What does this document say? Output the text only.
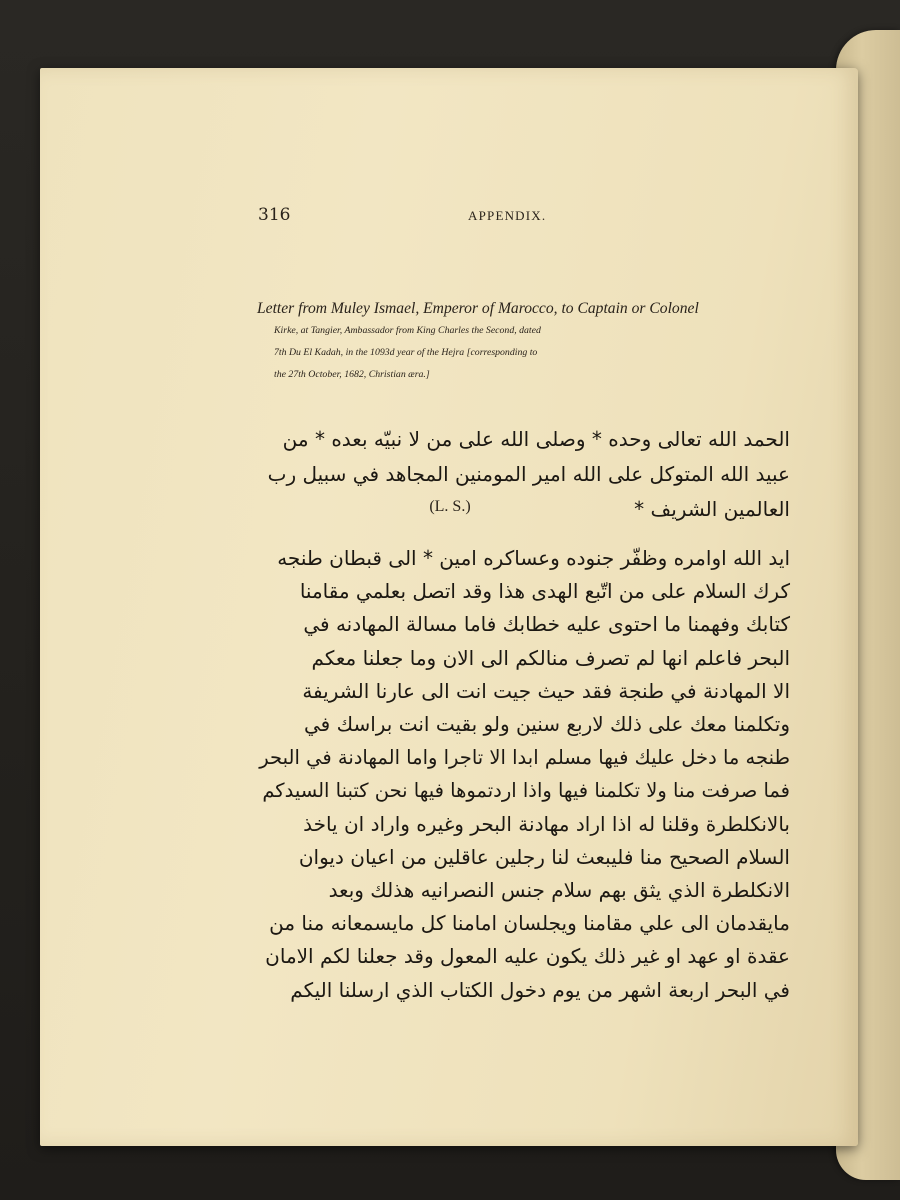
316	APPENDIX.

Letter from Muley Ismael, Emperor of Marocco, to Captain or Colonel
Kirke, at Tangier, Ambassador from King Charles the Second, dated
7th Du El Kadah, in the 1093d year of the Hejra [corresponding to
the 27th October, 1682, Christian æra.]

الحمد الله تعالى وحده * وصلى الله على من لا نبيّه بعده * من
عبيد الله المتوكل على الله امير المومنين المجاهد في سبيل رب
العالمين الشريف *
(L. S.)
ايد الله اوامره وظفّر جنوده وعساكره امين * الى قبطان طنجه
كرك السلام على من اتّبع الهدى هذا وقد اتصل بعلمي مقامنا
كتابك وفهمنا ما احتوى عليه خطابك فاما مسالة المهادنه في
البحر فاعلم انها لم تصرف منالكم الى الان وما جعلنا معكم
الا المهادنة في طنجة فقد حيث جيت انت الى عارنا الشريفة
وتكلمنا معك على ذلك لاربع سنين ولو بقيت انت براسك في
طنجه ما دخل عليك فيها مسلم ابدا الا تاجرا واما المهادنة في البحر
فما صرفت منا ولا تكلمنا فيها واذا اردتموها فيها نحن كتبنا السيدكم
بالانكلطرة وقلنا له اذا اراد مهادنة البحر وغيره واراد ان ياخذ
السلام الصحيح منا فليبعث لنا رجلين عاقلين من اعيان ديوان
الانكلطرة الذي يثق بهم سلام جنس النصرانيه هذلك وبعد
مايقدمان الى علي مقامنا ويجلسان امامنا كل مايسمعانه منا من
عقدة او عهد او غير ذلك يكون عليه المعول وقد جعلنا لكم الامان
في البحر اربعة اشهر من يوم دخول الكتاب الذي ارسلنا اليكم
